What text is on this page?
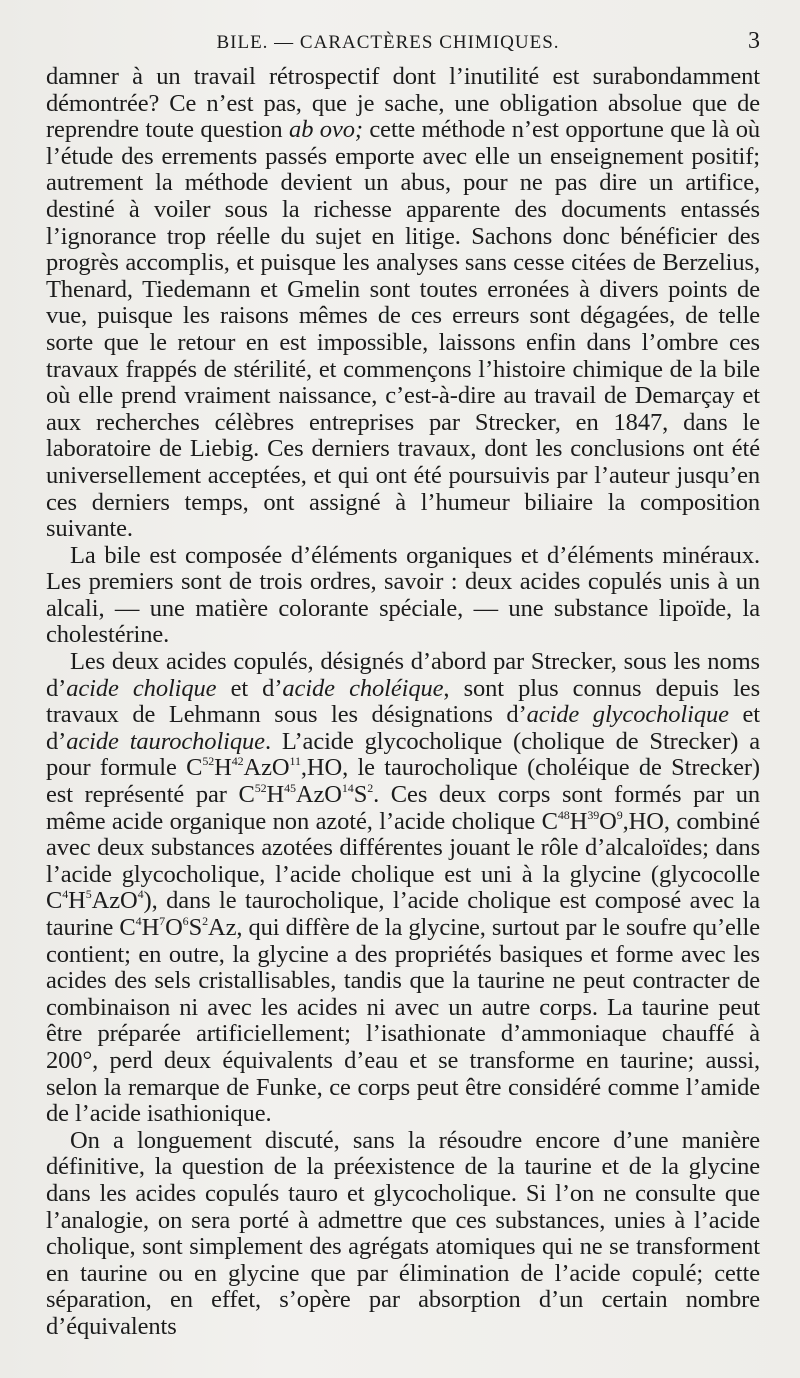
BILE. — CARACTÈRES CHIMIQUES.	3

damner à un travail rétrospectif dont l’inutilité est surabondamment démontrée? Ce n’est pas, que je sache, une obligation absolue que de reprendre toute question ab ovo; cette méthode n’est opportune que là où l’étude des errements passés emporte avec elle un enseignement positif; autrement la méthode devient un abus, pour ne pas dire un artifice, destiné à voiler sous la richesse apparente des documents entassés l’ignorance trop réelle du sujet en litige. Sachons donc bénéficier des progrès accomplis, et puisque les analyses sans cesse citées de Berzelius, Thenard, Tiedemann et Gmelin sont toutes erronées à divers points de vue, puisque les raisons mêmes de ces erreurs sont dégagées, de telle sorte que le retour en est impossible, laissons enfin dans l’ombre ces travaux frappés de stérilité, et commençons l’histoire chimique de la bile où elle prend vraiment naissance, c’est-à-dire au travail de Demarçay et aux recherches célèbres entreprises par Strecker, en 1847, dans le laboratoire de Liebig. Ces derniers travaux, dont les conclusions ont été universellement acceptées, et qui ont été poursuivis par l’auteur jusqu’en ces derniers temps, ont assigné à l’humeur biliaire la composition suivante.

La bile est composée d’éléments organiques et d’éléments minéraux. Les premiers sont de trois ordres, savoir : deux acides copulés unis à un alcali, — une matière colorante spéciale, — une substance lipoïde, la cholestérine.

Les deux acides copulés, désignés d’abord par Strecker, sous les noms d’acide cholique et d’acide choléique, sont plus connus depuis les travaux de Lehmann sous les désignations d’acide glycocholique et d’acide taurocholique. L’acide glycocholique (cholique de Strecker) a pour formule $C^{52}H^{42}AzO^{11},HO$, le taurocholique (choléique de Strecker) est représenté par $C^{52}H^{45}AzO^{14}S^2$. Ces deux corps sont formés par un même acide organique non azoté, l’acide cholique $C^{48}H^{39}O^9,HO$, combiné avec deux substances azotées différentes jouant le rôle d’alcaloïdes; dans l’acide glycocholique, l’acide cholique est uni à la glycine (glycocolle $C^4H^5AzO^4$), dans le taurocholique, l’acide cholique est composé avec la taurine $C^4H^7O^6S^2Az$, qui diffère de la glycine, surtout par le soufre qu’elle contient; en outre, la glycine a des propriétés basiques et forme avec les acides des sels cristallisables, tandis que la taurine ne peut contracter de combinaison ni avec les acides ni avec un autre corps. La taurine peut être préparée artificiellement; l’isathionate d’ammoniaque chauffé à 200°, perd deux équivalents d’eau et se transforme en taurine; aussi, selon la remarque de Funke, ce corps peut être considéré comme l’amide de l’acide isathionique.

On a longuement discuté, sans la résoudre encore d’une manière définitive, la question de la préexistence de la taurine et de la glycine dans les acides copulés tauro et glycocholique. Si l’on ne consulte que l’analogie, on sera porté à admettre que ces substances, unies à l’acide cholique, sont simplement des agrégats atomiques qui ne se transforment en taurine ou en glycine que par élimination de l’acide copulé; cette séparation, en effet, s’opère par absorption d’un certain nombre d’équivalents
